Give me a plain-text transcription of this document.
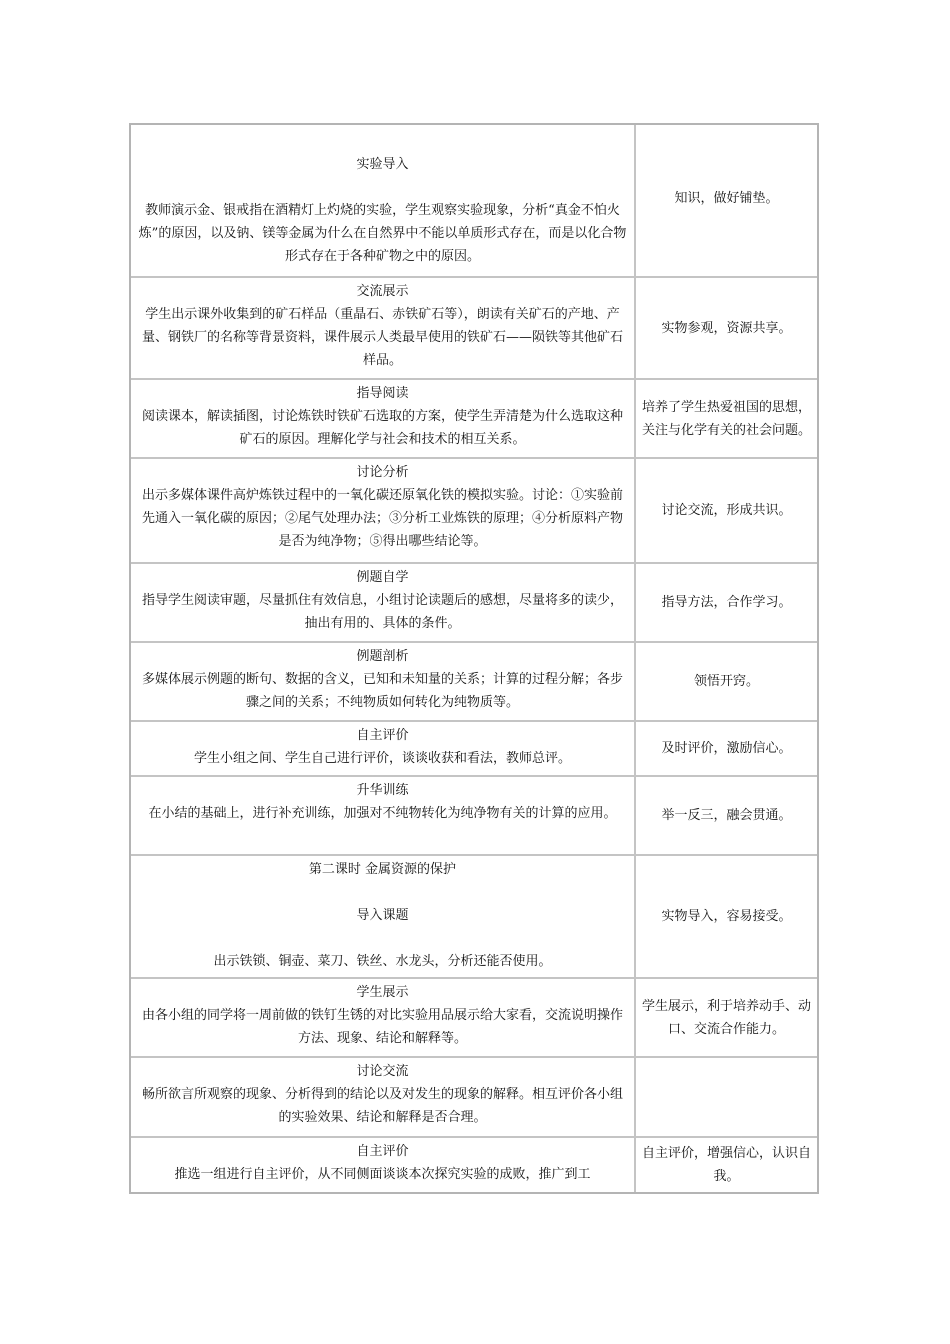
实验导入
教师演示金、银戒指在酒精灯上灼烧的实验，学生观察实验现象，分析“真金不怕火炼”的原因，以及钠、镁等金属为什么在自然界中不能以单质形式存在，而是以化合物形式存在于各种矿物之中的原因。
知识，做好铺垫。
交流展示
学生出示课外收集到的矿石样品（重晶石、赤铁矿石等），朗读有关矿石的产地、产量、钢铁厂的名称等背景资料，课件展示人类最早使用的铁矿石——陨铁等其他矿石样品。
实物参观，资源共享。
指导阅读
阅读课本，解读插图，讨论炼铁时铁矿石选取的方案，使学生弄清楚为什么选取这种矿石的原因。理解化学与社会和技术的相互关系。
培养了学生热爱祖国的思想，关注与化学有关的社会问题。
讨论分析
出示多媒体课件高炉炼铁过程中的一氧化碳还原氧化铁的模拟实验。讨论：①实验前先通入一氧化碳的原因；②尾气处理办法；③分析工业炼铁的原理；④分析原料产物是否为纯净物；⑤得出哪些结论等。
讨论交流，形成共识。
例题自学
指导学生阅读审题，尽量抓住有效信息，小组讨论读题后的感想，尽量将多的读少，抽出有用的、具体的条件。
指导方法，合作学习。
例题剖析
多媒体展示例题的断句、数据的含义，已知和未知量的关系；计算的过程分解；各步骤之间的关系；不纯物质如何转化为纯物质等。
领悟开窍。
自主评价
学生小组之间、学生自己进行评价，谈谈收获和看法，教师总评。
及时评价，激励信心。
升华训练
在小结的基础上，进行补充训练，加强对不纯物转化为纯净物有关的计算的应用。	举一反三，融会贯通。
第二课时 金属资源的保护
导入课题
出示铁锁、铜壶、菜刀、铁丝、水龙头，分析还能否使用。
实物导入，容易接受。
学生展示
由各小组的同学将一周前做的铁钉生锈的对比实验用品展示给大家看，交流说明操作方法、现象、结论和解释等。
学生展示，利于培养动手、动口、交流合作能力。
讨论交流
畅所欲言所观察的现象、分析得到的结论以及对发生的现象的解释。相互评价各小组的实验效果、结论和解释是否合理。
自主评价
推选一组进行自主评价，从不同侧面谈谈本次探究实验的成败，推广到工
自主评价，增强信心，认识自我。
